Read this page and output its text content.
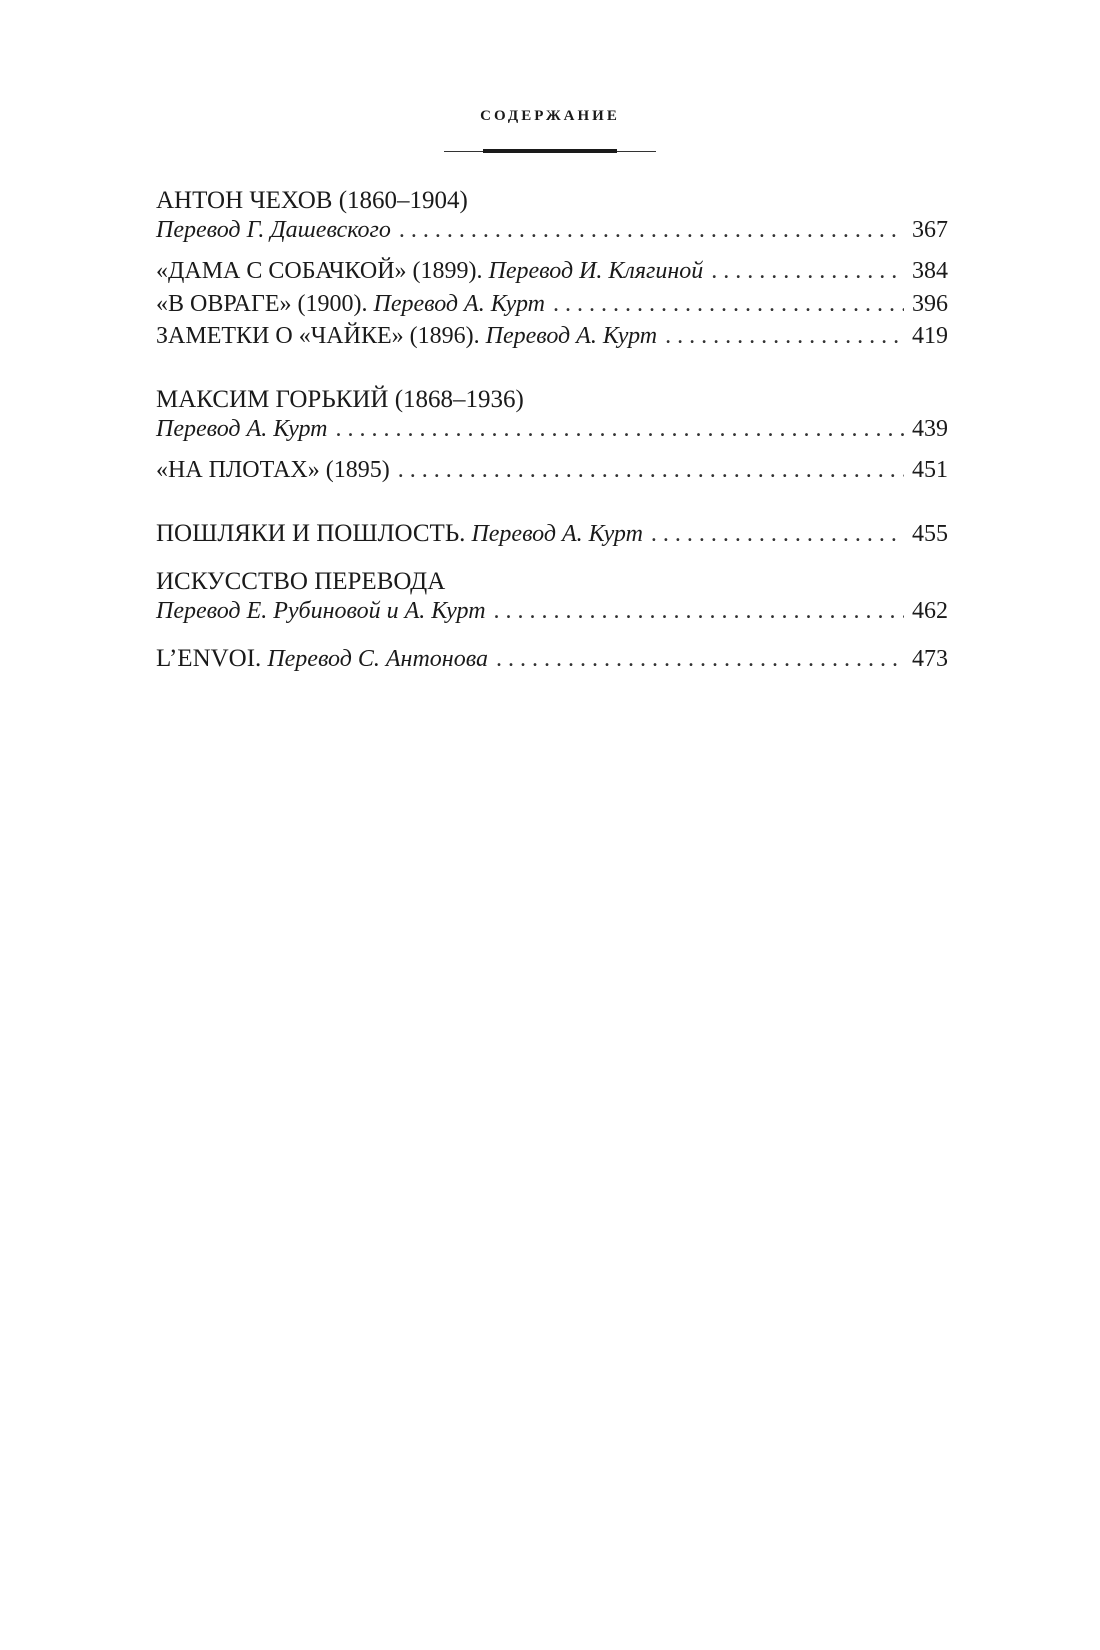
СОДЕРЖАНИЕ
АНТОН ЧЕХОВ (1860–1904)
Перевод Г. Дашевского . . .	367
«ДАМА С СОБАЧКОЙ» (1899). Перевод И. Клягиной . . .	384
«В ОВРАГЕ» (1900). Перевод А. Курт . . .	396
ЗАМЕТКИ О «ЧАЙКЕ» (1896). Перевод А. Курт . . .	419
МАКСИМ ГОРЬКИЙ (1868–1936)
Перевод А. Курт . . .	439
«НА ПЛОТАХ» (1895) . . .	451
ПОШЛЯКИ И ПОШЛОСТЬ. Перевод А. Курт . . .	455
ИСКУССТВО ПЕРЕВОДА
Перевод Е. Рубиновой и А. Курт . . .	462
L’ENVOI. Перевод С. Антонова . . .	473
